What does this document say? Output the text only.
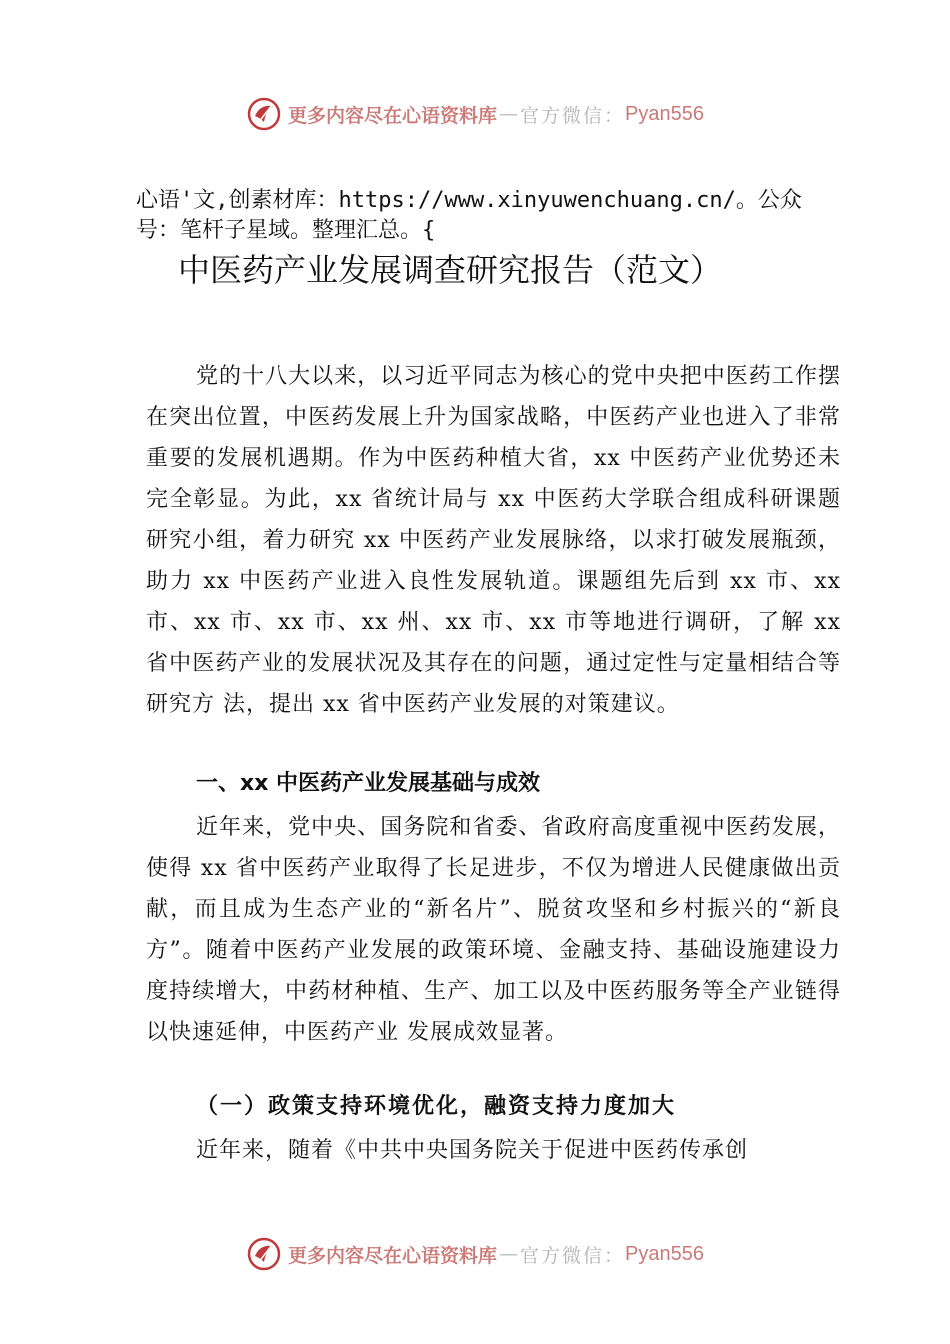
更多内容尽在心语资料库 — 官方微信： Pyan556
心语'文,创素材库：https://www.xinyuwenchuang.cn/。公众号：笔杆子星域。整理汇总。{
中医药产业发展调查研究报告（范文）

党的十八大以来，以习近平同志为核心的党中央把中医药工作摆在突出位置，中医药发展上升为国家战略，中医药产业也进入了非常重要的发展机遇期。作为中医药种植大省，xx 中医药产业优势还未完全彰显。为此，xx 省统计局与 xx 中医药大学联合组成科研课题研究小组，着力研究 xx 中医药产业发展脉络，以求打破发展瓶颈，助力 xx 中医药产业进入良性发展轨道。课题组先后到 xx 市、xx 市、xx 市、xx 市、xx 州、xx 市、xx 市等地进行调研，了解 xx 省中医药产业的发展状况及其存在的问题，通过定性与定量相结合等研究方 法，提出 xx 省中医药产业发展的对策建议。

一、xx 中医药产业发展基础与成效

近年来，党中央、国务院和省委、省政府高度重视中医药发展，使得 xx 省中医药产业取得了长足进步，不仅为增进人民健康做出贡献，而且成为生态产业的“新名片”、脱贫攻坚和乡村振兴的“新良方”。随着中医药产业发展的政策环境、金融支持、基础设施建设力度持续增大，中药材种植、生产、加工以及中医药服务等全产业链得以快速延伸，中医药产业 发展成效显著。

（一）政策支持环境优化，融资支持力度加大

近年来，随着《中共中央国务院关于促进中医药传承创

更多内容尽在心语资料库 — 官方微信： Pyan556
